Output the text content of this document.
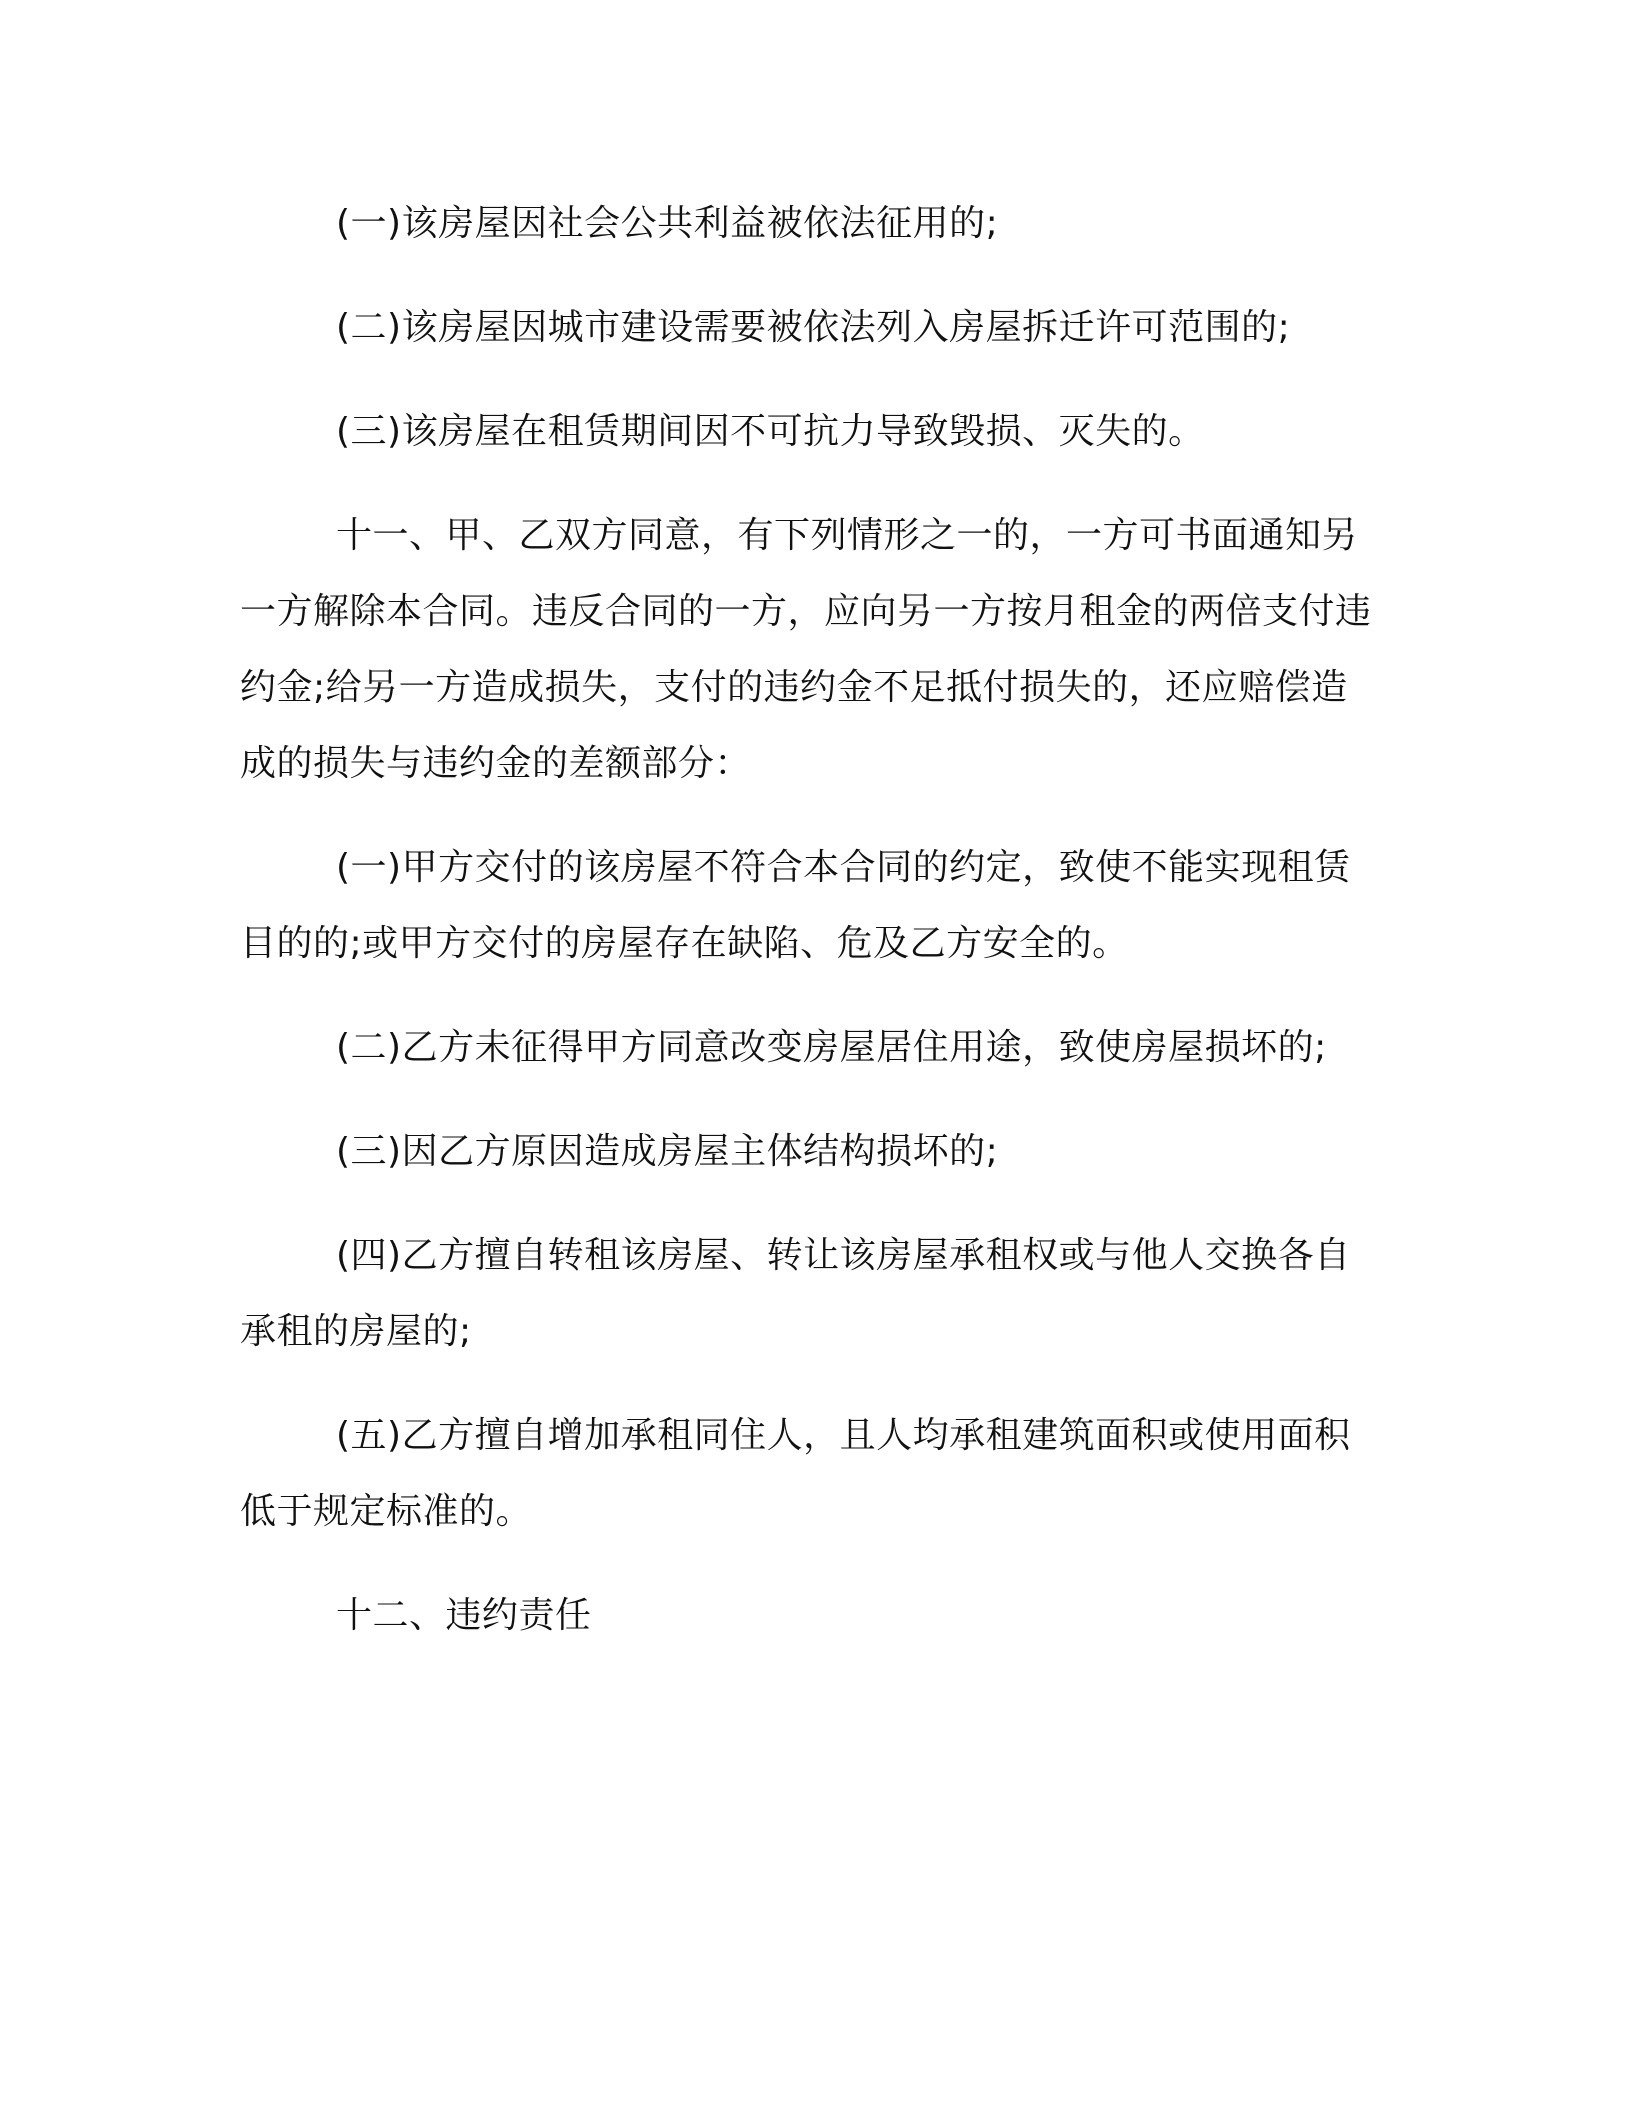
(一)该房屋因社会公共利益被依法征用的;

(二)该房屋因城市建设需要被依法列入房屋拆迁许可范围的;

(三)该房屋在租赁期间因不可抗力导致毁损、灭失的。

十一、甲、乙双方同意，有下列情形之一的，一方可书面通知另一方解除本合同。违反合同的一方，应向另一方按月租金的两倍支付违约金;给另一方造成损失，支付的违约金不足抵付损失的，还应赔偿造成的损失与违约金的差额部分：

(一)甲方交付的该房屋不符合本合同的约定，致使不能实现租赁目的的;或甲方交付的房屋存在缺陷、危及乙方安全的。

(二)乙方未征得甲方同意改变房屋居住用途，致使房屋损坏的;

(三)因乙方原因造成房屋主体结构损坏的;

(四)乙方擅自转租该房屋、转让该房屋承租权或与他人交换各自承租的房屋的;

(五)乙方擅自增加承租同住人，且人均承租建筑面积或使用面积低于规定标准的。

十二、违约责任
